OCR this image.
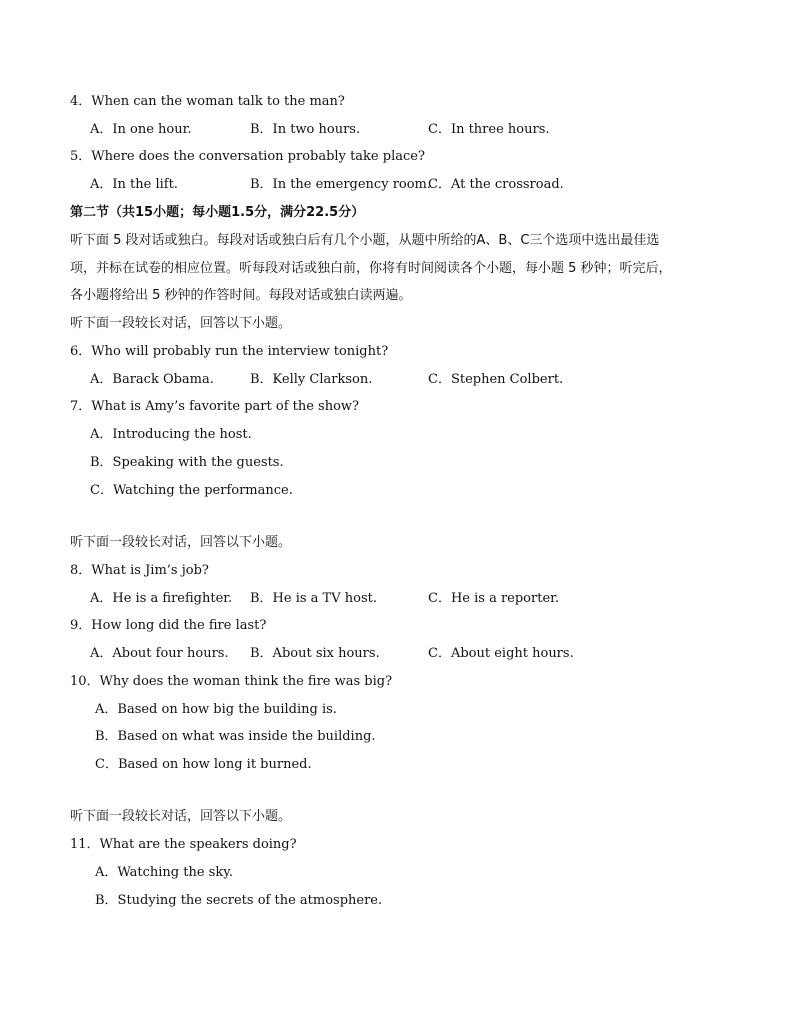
4．When can the woman talk to the man?
A．In one hour.	B．In two hours.	C．In three hours.
5．Where does the conversation probably take place?
A．In the lift.	B．In the emergency room.
C．At the crossroad.
第二节（共15小题；每小题1.5分，满分22.5分）
听下面 5 段对话或独白。每段对话或独白后有几个小题，从题中所给的A、B、C三个选项中选出最佳选
项，并标在试卷的相应位置。听每段对话或独白前，你将有时间阅读各个小题，每小题 5 秒钟；听完后，
各小题将给出 5 秒钟的作答时间。每段对话或独白读两遍。
听下面一段较长对话，回答以下小题。
6．Who will probably run the interview tonight?
A．Barack Obama.	B．Kelly Clarkson.	C．Stephen Colbert.
7．What is Amy’s favorite part of the show?
A．Introducing the host.
B．Speaking with the guests.
C．Watching the performance.
听下面一段较长对话，回答以下小题。
8．What is Jim’s job?
A．He is a firefighter. B．He is a TV host.	C．He is a reporter.
9．How long did the fire last?
A．About four hours. B．About six hours.	C．About eight hours.
10．Why does the woman think the fire was big?
A．Based on how big the building is.
B．Based on what was inside the building.
C．Based on how long it burned.
听下面一段较长对话，回答以下小题。
11．What are the speakers doing?
A．Watching the sky.
B．Studying the secrets of the atmosphere.
